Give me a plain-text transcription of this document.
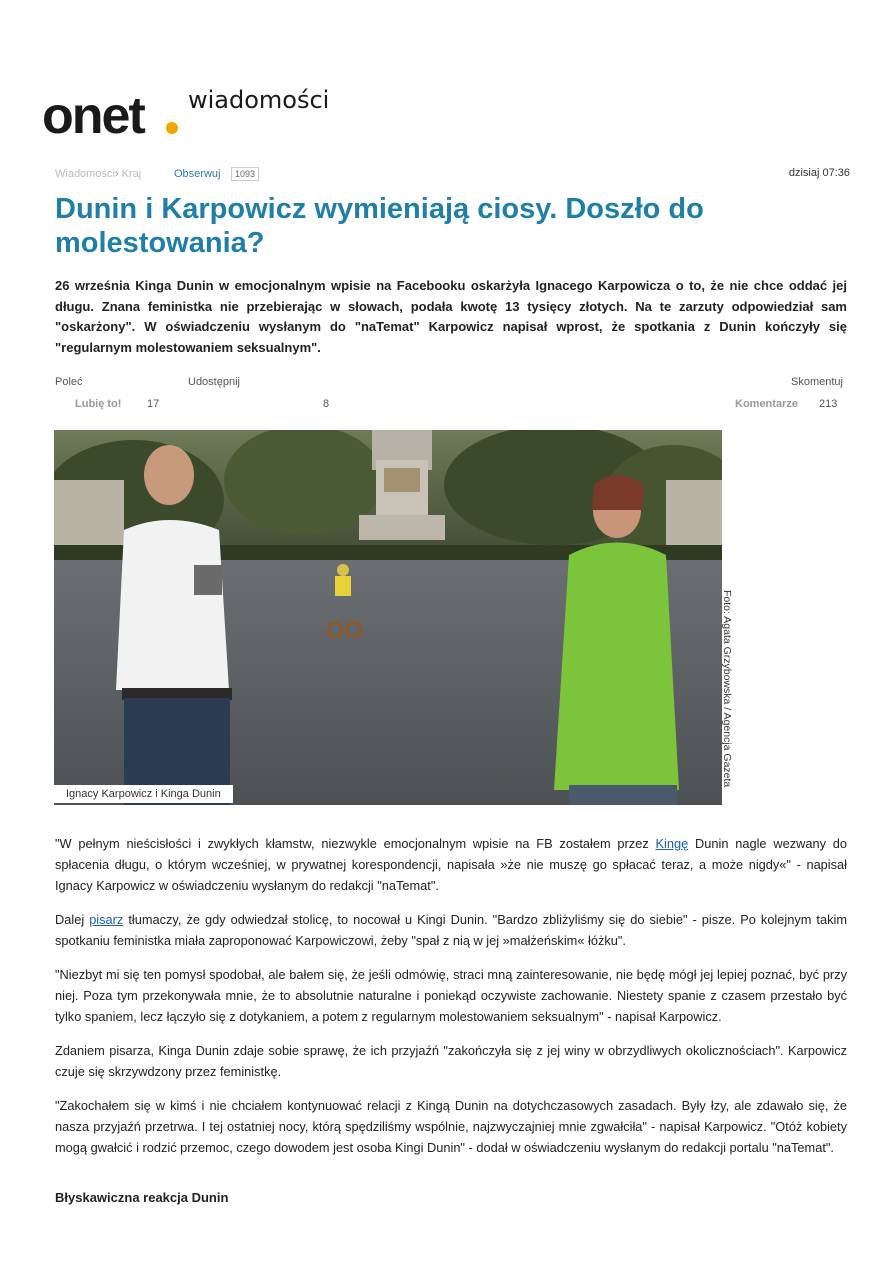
onet wiadomości
Wiadomości› Kraj	Obserwuj	1093	dzisiaj 07:36
Dunin i Karpowicz wymieniają ciosy. Doszło do molestowania?

26 września Kinga Dunin w emocjonalnym wpisie na Facebooku oskarżyła Ignacego Karpowicza o to, że nie chce oddać jej długu. Znana feministka nie przebierając w słowach, podała kwotę 13 tysięcy złotych. Na te zarzuty odpowiedział sam "oskarżony". W oświadczeniu wysłanym do "naTemat" Karpowicz napisał wprost, że spotkania z Dunin kończyły się "regularnym molestowaniem seksualnym".

Poleć	Udostępnij	Skomentuj
Lubię to! 17	8	Komentarze 213
Ignacy Karpowicz i Kinga Dunin
Foto: Agata Grzybowska / Agencja Gazeta

"W pełnym nieścisłości i zwykłych kłamstw, niezwykle emocjonalnym wpisie na FB zostałem przez Kingę Dunin nagle wezwany do spłacenia długu, o którym wcześniej, w prywatnej korespondencji, napisała »że nie muszę go spłacać teraz, a może nigdy«" - napisał Ignacy Karpowicz w oświadczeniu wysłanym do redakcji "naTemat".

Dalej pisarz tłumaczy, że gdy odwiedzał stolicę, to nocował u Kingi Dunin. "Bardzo zbliżyliśmy się do siebie" - pisze. Po kolejnym takim spotkaniu feministka miała zaproponować Karpowiczowi, żeby "spał z nią w jej »małżeńskim« łóżku".

"Niezbyt mi się ten pomysł spodobał, ale bałem się, że jeśli odmówię, straci mną zainteresowanie, nie będę mógł jej lepiej poznać, być przy niej. Poza tym przekonywała mnie, że to absolutnie naturalne i poniekąd oczywiste zachowanie. Niestety spanie z czasem przestało być tylko spaniem, lecz łączyło się z dotykaniem, a potem z regularnym molestowaniem seksualnym" - napisał Karpowicz.

Zdaniem pisarza, Kinga Dunin zdaje sobie sprawę, że ich przyjaźń "zakończyła się z jej winy w obrzydliwych okolicznościach". Karpowicz czuje się skrzywdzony przez feministkę.

"Zakochałem się w kimś i nie chciałem kontynuować relacji z Kingą Dunin na dotychczasowych zasadach. Były łzy, ale zdawało się, że nasza przyjaźń przetrwa. I tej ostatniej nocy, którą spędziliśmy wspólnie, najzwyczajniej mnie zgwałciła" - napisał Karpowicz. "Otóż kobiety mogą gwałcić i rodzić przemoc, czego dowodem jest osoba Kingi Dunin" - dodał w oświadczeniu wysłanym do redakcji portalu "naTemat".

Błyskawiczna reakcja Dunin
